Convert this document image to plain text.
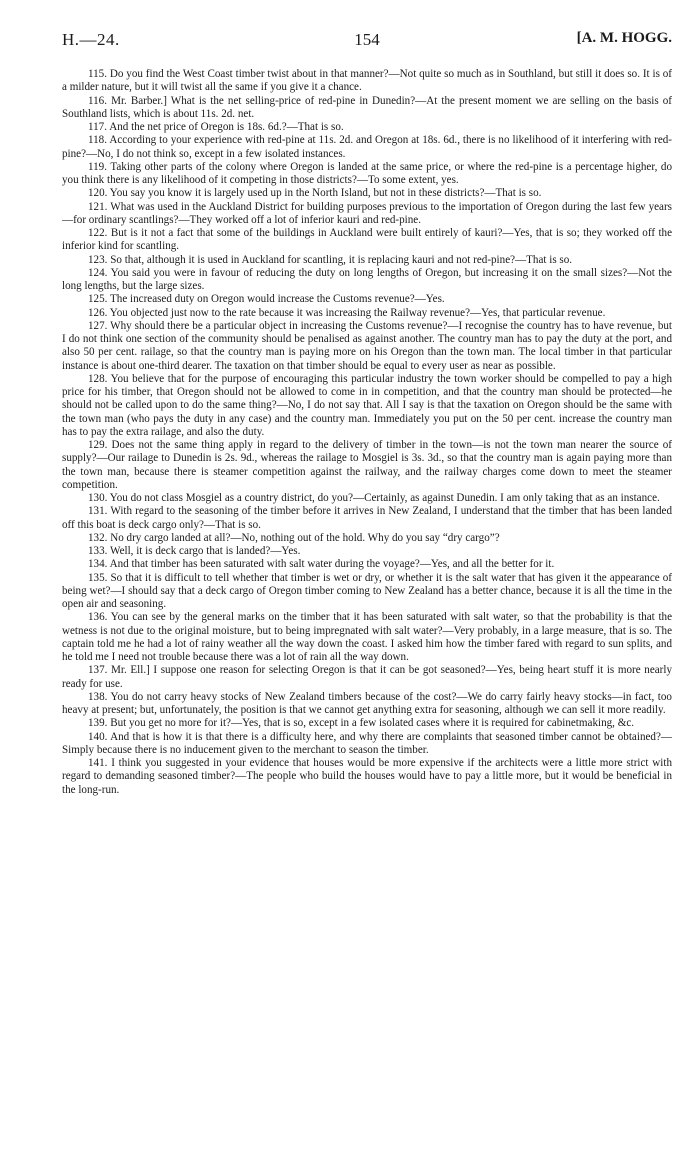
H.—24.	154	[A. M. HOGG.

115. Do you find the West Coast timber twist about in that manner?—Not quite so much as in Southland, but still it does so. It is of a milder nature, but it will twist all the same if you give it a chance.

116. Mr. Barber.] What is the net selling-price of red-pine in Dunedin?—At the present moment we are selling on the basis of Southland lists, which is about 11s. 2d. net.

117. And the net price of Oregon is 18s. 6d.?—That is so.

118. According to your experience with red-pine at 11s. 2d. and Oregon at 18s. 6d., there is no likelihood of it interfering with red-pine?—No, I do not think so, except in a few isolated instances.

119. Taking other parts of the colony where Oregon is landed at the same price, or where the red-pine is a percentage higher, do you think there is any likelihood of it competing in those districts?—To some extent, yes.

120. You say you know it is largely used up in the North Island, but not in these districts?—That is so.

121. What was used in the Auckland District for building purposes previous to the importation of Oregon during the last few years—for ordinary scantlings?—They worked off a lot of inferior kauri and red-pine.

122. But is it not a fact that some of the buildings in Auckland were built entirely of kauri?—Yes, that is so; they worked off the inferior kind for scantling.

123. So that, although it is used in Auckland for scantling, it is replacing kauri and not red-pine?—That is so.

124. You said you were in favour of reducing the duty on long lengths of Oregon, but increasing it on the small sizes?—Not the long lengths, but the large sizes.

125. The increased duty on Oregon would increase the Customs revenue?—Yes.

126. You objected just now to the rate because it was increasing the Railway revenue?—Yes, that particular revenue.

127. Why should there be a particular object in increasing the Customs revenue?—I recognise the country has to have revenue, but I do not think one section of the community should be penalised as against another. The country man has to pay the duty at the port, and also 50 per cent. railage, so that the country man is paying more on his Oregon than the town man. The local timber in that particular instance is about one-third dearer. The taxation on that timber should be equal to every user as near as possible.

128. You believe that for the purpose of encouraging this particular industry the town worker should be compelled to pay a high price for his timber, that Oregon should not be allowed to come in in competition, and that the country man should be protected—he should not be called upon to do the same thing?—No, I do not say that. All I say is that the taxation on Oregon should be the same with the town man (who pays the duty in any case) and the country man. Immediately you put on the 50 per cent. increase the country man has to pay the extra railage, and also the duty.

129. Does not the same thing apply in regard to the delivery of timber in the town—is not the town man nearer the source of supply?—Our railage to Dunedin is 2s. 9d., whereas the railage to Mosgiel is 3s. 3d., so that the country man is again paying more than the town man, because there is steamer competition against the railway, and the railway charges come down to meet the steamer competition.

130. You do not class Mosgiel as a country district, do you?—Certainly, as against Dunedin. I am only taking that as an instance.

131. With regard to the seasoning of the timber before it arrives in New Zealand, I understand that the timber that has been landed off this boat is deck cargo only?—That is so.

132. No dry cargo landed at all?—No, nothing out of the hold. Why do you say “dry cargo”?

133. Well, it is deck cargo that is landed?—Yes.

134. And that timber has been saturated with salt water during the voyage?—Yes, and all the better for it.

135. So that it is difficult to tell whether that timber is wet or dry, or whether it is the salt water that has given it the appearance of being wet?—I should say that a deck cargo of Oregon timber coming to New Zealand has a better chance, because it is all the time in the open air and seasoning.

136. You can see by the general marks on the timber that it has been saturated with salt water, so that the probability is that the wetness is not due to the original moisture, but to being impregnated with salt water?—Very probably, in a large measure, that is so. The captain told me he had a lot of rainy weather all the way down the coast. I asked him how the timber fared with regard to sun splits, and he told me I need not trouble because there was a lot of rain all the way down.

137. Mr. Ell.] I suppose one reason for selecting Oregon is that it can be got seasoned?—Yes, being heart stuff it is more nearly ready for use.

138. You do not carry heavy stocks of New Zealand timbers because of the cost?—We do carry fairly heavy stocks—in fact, too heavy at present; but, unfortunately, the position is that we cannot get anything extra for seasoning, although we can sell it more readily.

139. But you get no more for it?—Yes, that is so, except in a few isolated cases where it is required for cabinetmaking, &c.

140. And that is how it is that there is a difficulty here, and why there are complaints that seasoned timber cannot be obtained?—Simply because there is no inducement given to the merchant to season the timber.

141. I think you suggested in your evidence that houses would be more expensive if the architects were a little more strict with regard to demanding seasoned timber?—The people who build the houses would have to pay a little more, but it would be beneficial in the long-run.
